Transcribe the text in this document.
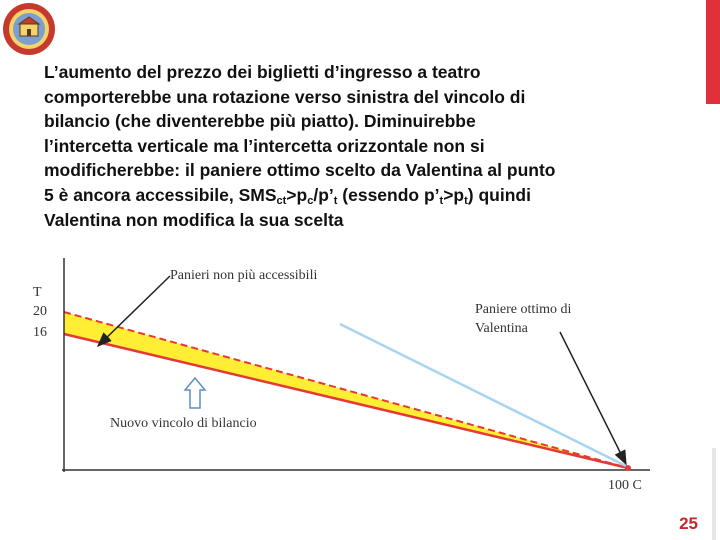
L’aumento del prezzo dei biglietti d’ingresso a teatro
comporterebbe una rotazione verso sinistra del vincolo di
bilancio (che diventerebbe più piatto). Diminuirebbe
l’intercetta verticale ma l’intercetta orizzontale non si
modificherebbe: il paniere ottimo scelto da Valentina al punto
5 è ancora accessibile, $SMS_{ct}>p_c/p’_t$ (essendo $p’_t>p_t$) quindi
Valentina non modifica la sua scelta
T
20
16
100 C
Panieri non più accessibili
Paniere ottimo di
Valentina
Nuovo vincolo di bilancio
25
